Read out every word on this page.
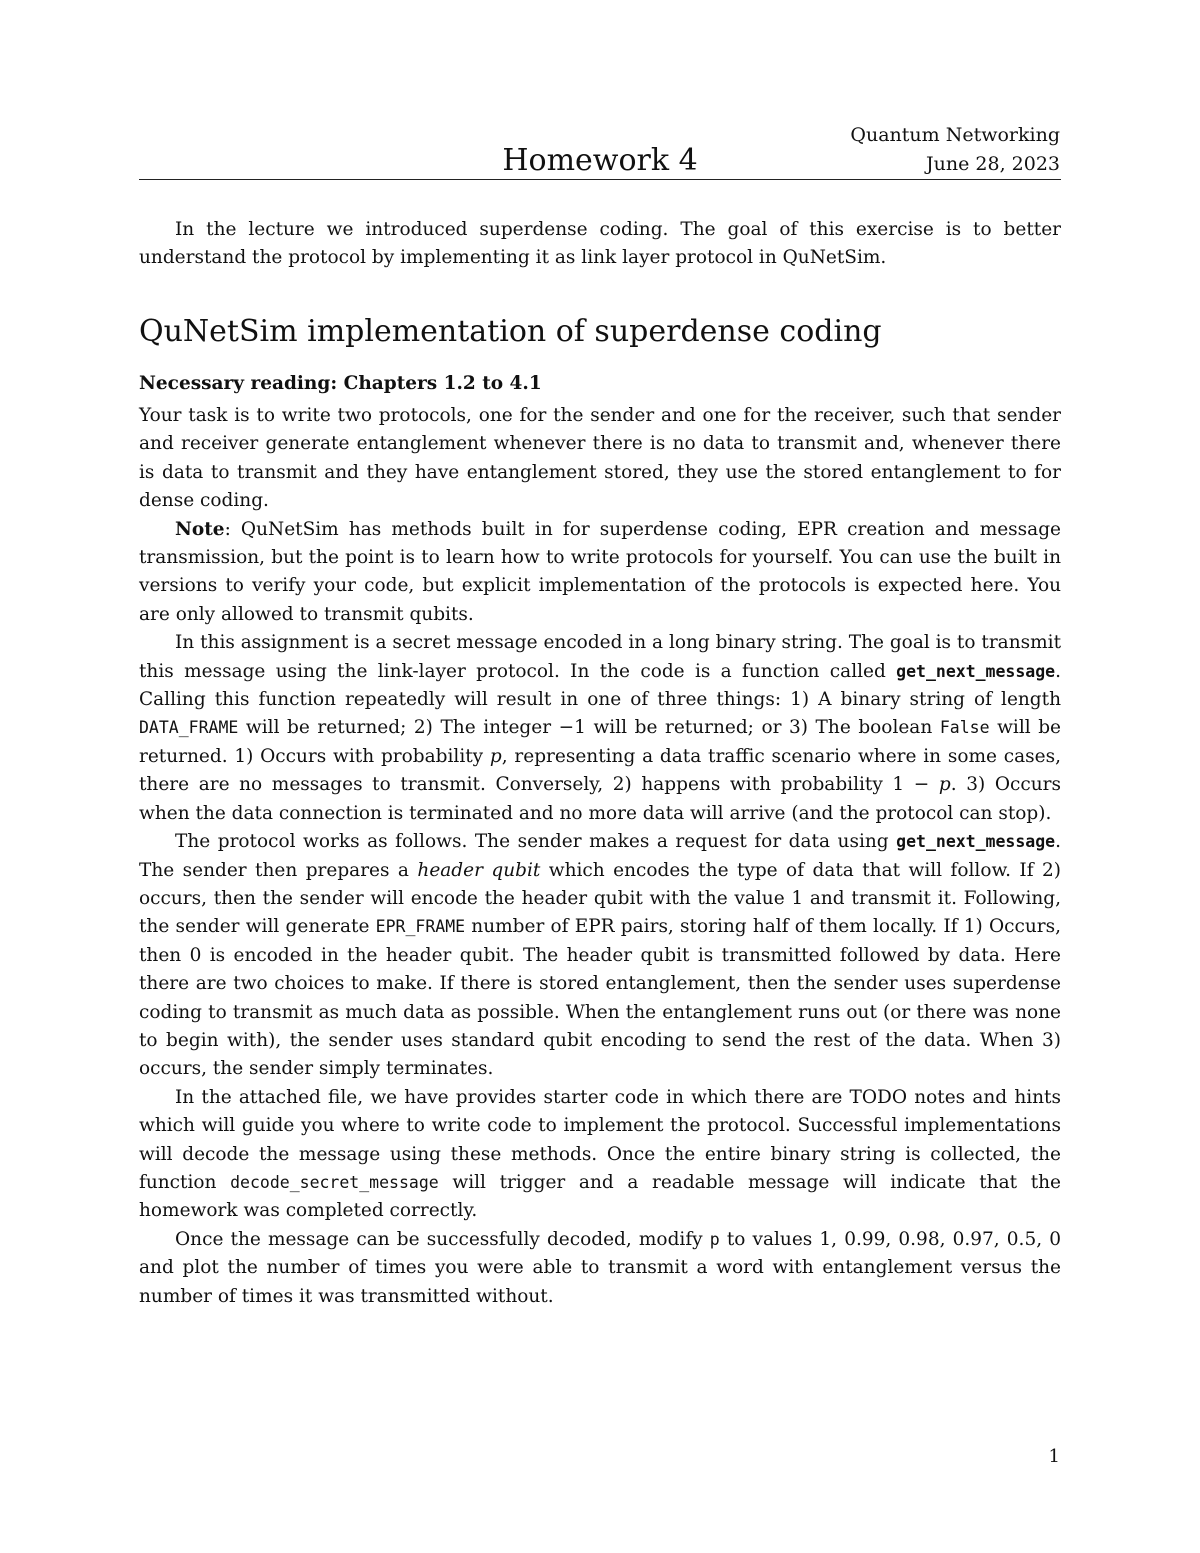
Quantum Networking
Homework 4	June 28, 2023

In the lecture we introduced superdense coding. The goal of this exercise is to better understand the protocol by implementing it as link layer protocol in QuNetSim.

QuNetSim implementation of superdense coding
Necessary reading: Chapters 1.2 to 4.1

Your task is to write two protocols, one for the sender and one for the receiver, such that sender and receiver generate entanglement whenever there is no data to transmit and, whenever there is data to transmit and they have entanglement stored, they use the stored entanglement to for dense coding.

Note: QuNetSim has methods built in for superdense coding, EPR creation and message transmission, but the point is to learn how to write protocols for yourself. You can use the built in versions to verify your code, but explicit implementation of the protocols is expected here. You are only allowed to transmit qubits.

In this assignment is a secret message encoded in a long binary string. The goal is to transmit this message using the link-layer protocol. In the code is a function called get_next_message. Calling this function repeatedly will result in one of three things: 1) A binary string of length DATA_FRAME will be returned; 2) The integer −1 will be returned; or 3) The boolean False will be returned. 1) Occurs with probability p, representing a data traffic scenario where in some cases, there are no messages to transmit. Conversely, 2) happens with probability 1 − p. 3) Occurs when the data connection is terminated and no more data will arrive (and the protocol can stop).

The protocol works as follows. The sender makes a request for data using get_next_message. The sender then prepares a header qubit which encodes the type of data that will follow. If 2) occurs, then the sender will encode the header qubit with the value 1 and transmit it. Following, the sender will generate EPR_FRAME number of EPR pairs, storing half of them locally. If 1) Occurs, then 0 is encoded in the header qubit. The header qubit is transmitted followed by data. Here there are two choices to make. If there is stored entanglement, then the sender uses superdense coding to transmit as much data as possible. When the entanglement runs out (or there was none to begin with), the sender uses standard qubit encoding to send the rest of the data. When 3) occurs, the sender simply terminates.

In the attached file, we have provides starter code in which there are TODO notes and hints which will guide you where to write code to implement the protocol. Successful implementations will decode the message using these methods. Once the entire binary string is collected, the function decode_secret_message will trigger and a readable message will indicate that the homework was completed correctly.

Once the message can be successfully decoded, modify p to values 1, 0.99, 0.98, 0.97, 0.5, 0 and plot the number of times you were able to transmit a word with entanglement versus the number of times it was transmitted without.

1
